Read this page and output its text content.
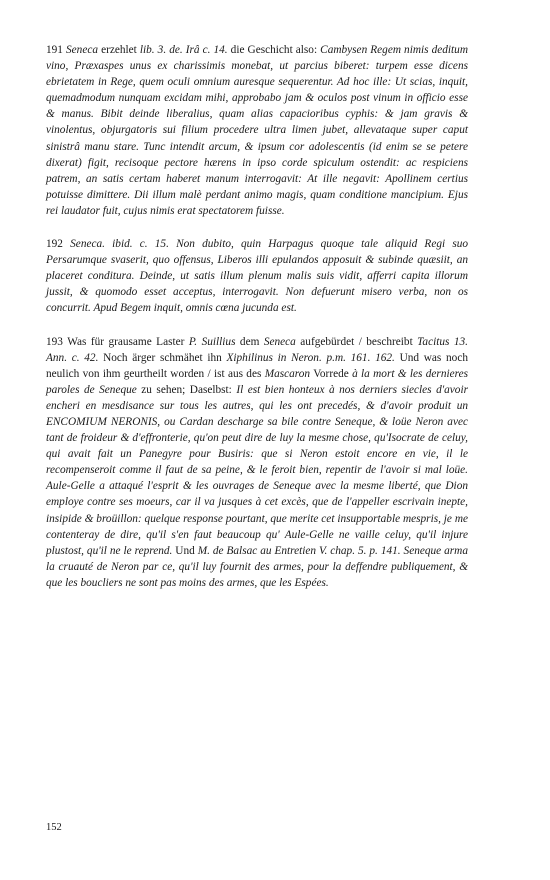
191 Seneca erzehlet lib. 3. de. Irâ c. 14. die Geschicht also: Cambysen Regem nimis deditum vino, Præxaspes unus ex charissimis monebat, ut parcius biberet: turpem esse dicens ebrietatem in Rege, quem oculi omnium auresque sequerentur. Ad hoc ille: Ut scias, inquit, quemadmodum nunquam excidam mihi, approbabo jam & oculos post vinum in officio esse & manus. Bibit deinde liberalius, quam alias capacioribus cyphis: & jam gravis & vinolentus, objurgatoris sui filium procedere ultra limen jubet, allevataque super caput sinistrâ manu stare. Tunc intendit arcum, & ipsum cor adolescentis (id enim se se petere dixerat) figit, recisoque pectore hærens in ipso corde spiculum ostendit: ac respiciens patrem, an satis certam haberet manum interrogavit: At ille negavit: Apollinem certius potuisse dimittere. Dii illum malè perdant animo magis, quam conditione mancipium. Ejus rei laudator fuit, cujus nimis erat spectatorem fuisse.

192 Seneca. ibid. c. 15. Non dubito, quin Harpagus quoque tale aliquid Regi suo Persarumque svaserit, quo offensus, Liberos illi epulandos apposuit & subinde quæsiit, an placeret conditura. Deinde, ut satis illum plenum malis suis vidit, afferri capita illorum jussit, & quomodo esset acceptus, interrogavit. Non defuerunt misero verba, non os concurrit. Apud Begem inquit, omnis cœna jucunda est.

193 Was für grausame Laster P. Suillius dem Seneca aufgebürdet / beschreibt Tacitus 13. Ann. c. 42. Noch ärger schmähet ihn Xiphilinus in Neron. p.m. 161. 162. Und was noch neulich von ihm geurtheilt worden / ist aus des Mascaron Vorrede à la mort & les dernieres paroles de Seneque zu sehen; Daselbst: Il est bien honteux à nos derniers siecles d'avoir encheri en mesdisance sur tous les autres, qui les ont precedés, & d'avoir produit un ENCOMIUM NERONIS, ou Cardan descharge sa bile contre Seneque, & loüe Neron avec tant de froideur & d'effronterie, qu'on peut dire de luy la mesme chose, qu'Isocrate de celuy, qui avait fait un Panegyre pour Busiris: que si Neron estoit encore en vie, il le recompenseroit comme il faut de sa peine, & le feroit bien, repentir de l'avoir si mal loüe. Aule-Gelle a attaqué l'esprit & les ouvrages de Seneque avec la mesme liberté, que Dion employe contre ses moeurs, car il va jusques à cet excès, que de l'appeller escrivain inepte, insipide & broüillon: quelque response pourtant, que merite cet insupportable mespris, je me contenteray de dire, qu'il s'en faut beaucoup qu' Aule-Gelle ne vaille celuy, qu'il injure plustost, qu'il ne le reprend. Und M. de Balsac au Entretien V. chap. 5. p. 141. Seneque arma la cruauté de Neron par ce, qu'il luy fournit des armes, pour la deffendre publiquement, & que les boucliers ne sont pas moins des armes, que les Espées.

152
